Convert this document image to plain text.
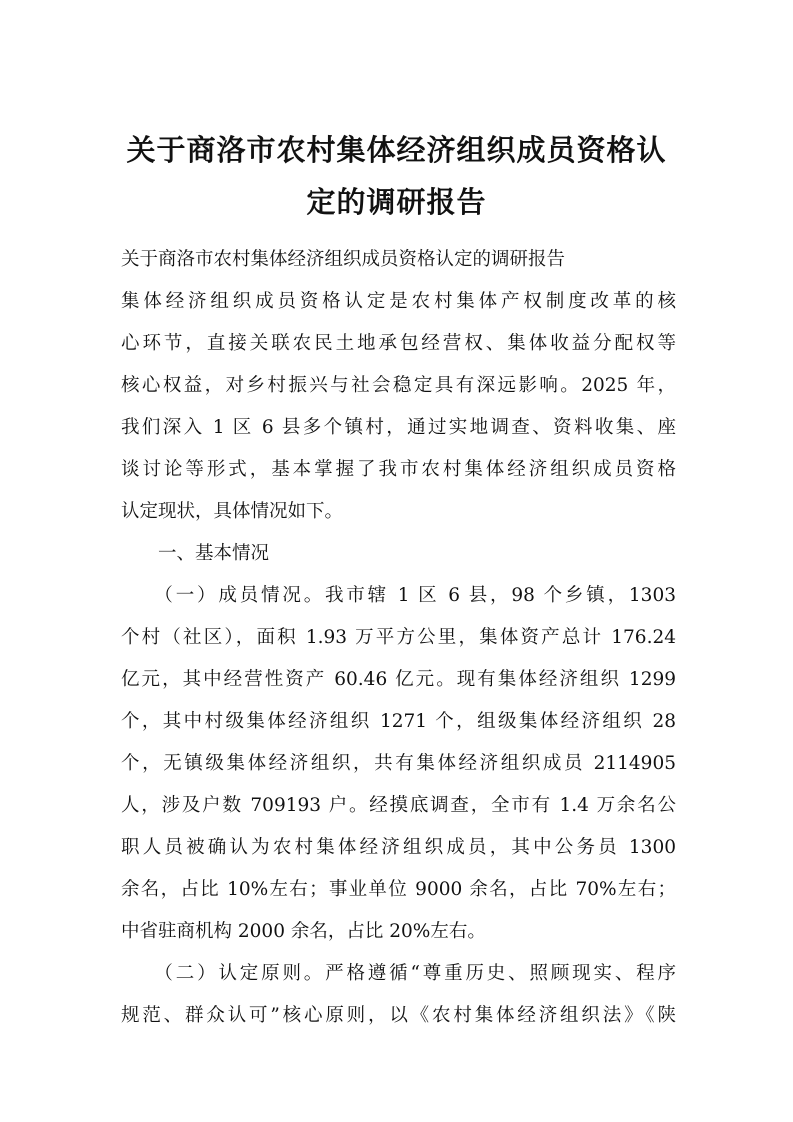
关于商洛市农村集体经济组织成员资格认
定的调研报告
关于商洛市农村集体经济组织成员资格认定的调研报告
集体经济组织成员资格认定是农村集体产权制度改革的核
心环节，直接关联农民土地承包经营权、集体收益分配权等
核心权益，对乡村振兴与社会稳定具有深远影响。2025 年，
我们深入 1 区 6 县多个镇村，通过实地调查、资料收集、座
谈讨论等形式，基本掌握了我市农村集体经济组织成员资格
认定现状，具体情况如下。
　　一、基本情况
　　（一）成员情况。我市辖 1 区 6 县，98 个乡镇，1303
个村（社区），面积 1.93 万平方公里，集体资产总计 176.24
亿元，其中经营性资产 60.46 亿元。现有集体经济组织 1299
个，其中村级集体经济组织 1271 个，组级集体经济组织 28
个，无镇级集体经济组织，共有集体经济组织成员 2114905
人，涉及户数 709193 户。经摸底调查，全市有 1.4 万余名公
职人员被确认为农村集体经济组织成员，其中公务员 1300
余名，占比 10%左右；事业单位 9000 余名，占比 70%左右；
中省驻商机构 2000 余名，占比 20%左右。
　　（二）认定原则。严格遵循“尊重历史、照顾现实、程序
规范、群众认可”核心原则，以《农村集体经济组织法》《陕
